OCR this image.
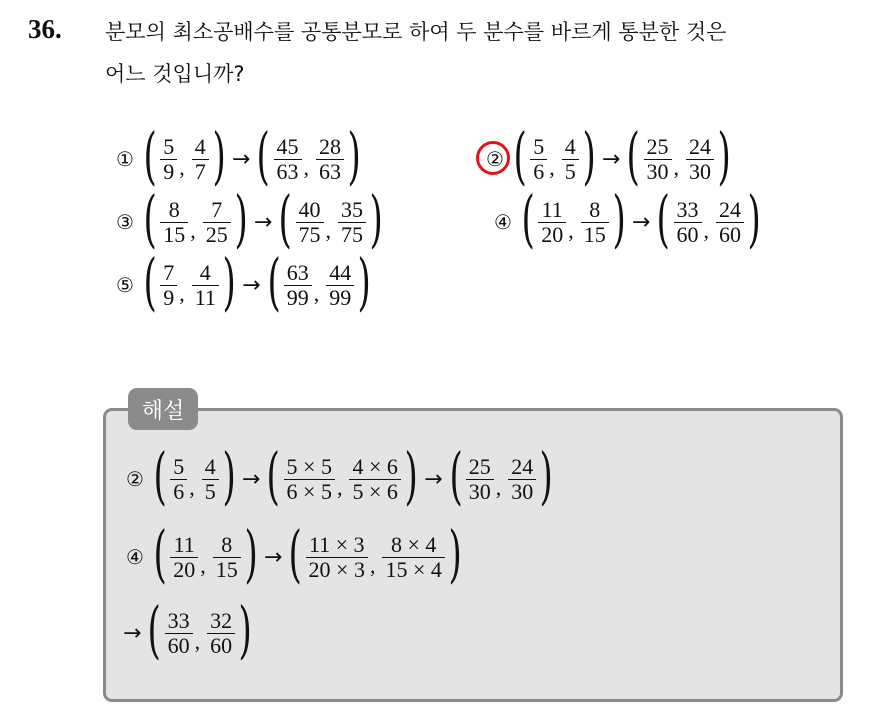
36. 분모의 최소공배수를 공통분모로 하여 두 분수를 바르게 통분한 것은
어느 것입니까?
① ( $\frac{5}{9}$ , $\frac{4}{7}$ ) → ( $\frac{45}{63}$ , $\frac{28}{63}$ )	② ( $\frac{5}{6}$ , $\frac{4}{5}$ ) → ( $\frac{25}{30}$ , $\frac{24}{30}$ )
③ ( $\frac{8}{15}$ , $\frac{7}{25}$ ) → ( $\frac{40}{75}$ , $\frac{35}{75}$ )	④ ( $\frac{11}{20}$ , $\frac{8}{15}$ ) → ( $\frac{33}{60}$ , $\frac{24}{60}$ )
⑤ ( $\frac{7}{9}$ , $\frac{4}{11}$ ) → ( $\frac{63}{99}$ , $\frac{44}{99}$ )
해설
② ( $\frac{5}{6}$ , $\frac{4}{5}$ ) → ( $\frac{5 \times 5}{6 \times 5}$ , $\frac{4 \times 6}{5 \times 6}$ ) → ( $\frac{25}{30}$ , $\frac{24}{30}$ )
④ ( $\frac{11}{20}$ , $\frac{8}{15}$ ) → ( $\frac{11 \times 3}{20 \times 3}$ , $\frac{8 \times 4}{15 \times 4}$ )
→ ( $\frac{33}{60}$ , $\frac{32}{60}$ )
